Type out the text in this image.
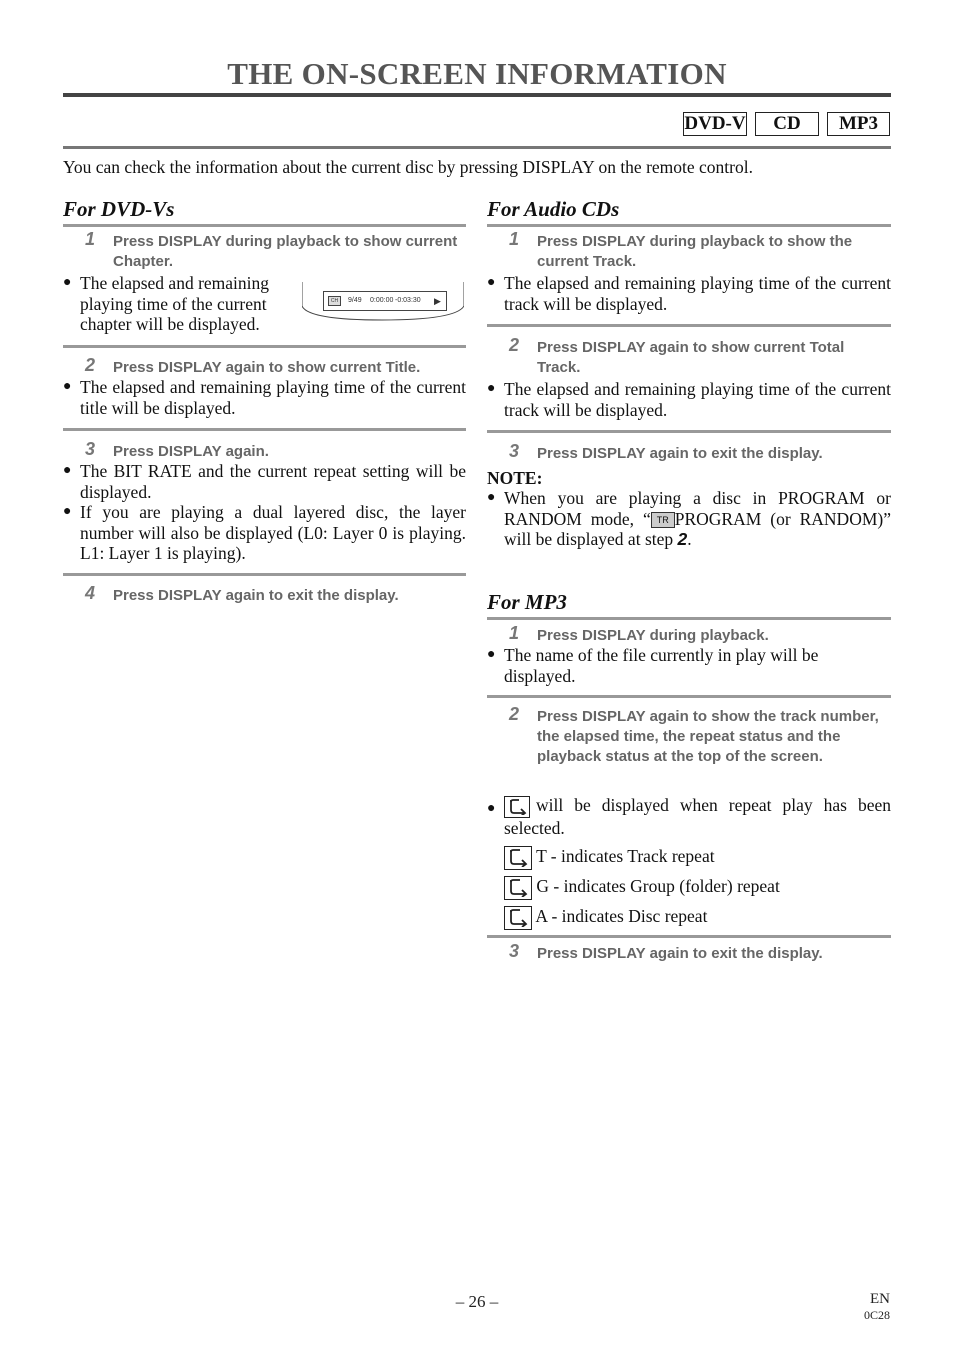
THE ON-SCREEN INFORMATION
DVD-V	CD	MP3
You can check the information about the current disc by pressing DISPLAY on the remote control.
For DVD-Vs
1 Press DISPLAY during playback to show current Chapter.
● The elapsed and remaining playing time of the current chapter will be displayed.
CH	9/49 0:00:00 -0:03:30 ▶
2 Press DISPLAY again to show current Title.
● The elapsed and remaining playing time of the current title will be displayed.
3 Press DISPLAY again.
● The BIT RATE and the current repeat setting will be displayed.
● If you are playing a dual layered disc, the layer number will also be displayed (L0: Layer 0 is playing. L1: Layer 1 is playing).
4 Press DISPLAY again to exit the display.
For Audio CDs
1 Press DISPLAY during playback to show the current Track.
● The elapsed and remaining playing time of the current track will be displayed.
2 Press DISPLAY again to show current Total Track.
● The elapsed and remaining playing time of the current track will be displayed.
3 Press DISPLAY again to exit the display.
NOTE:
● When you are playing a disc in PROGRAM or RANDOM mode, “ TR PROGRAM (or RANDOM)” will be displayed at step 2.
For MP3
1 Press DISPLAY during playback.
● The name of the file currently in play will be displayed.
2 Press DISPLAY again to show the track number, the elapsed time, the repeat status and the playback status at the top of the screen.
● will be displayed when repeat play has been selected.
T - indicates Track repeat
G - indicates Group (folder) repeat
A - indicates Disc repeat
3 Press DISPLAY again to exit the display.
– 26 –	EN
0C28
